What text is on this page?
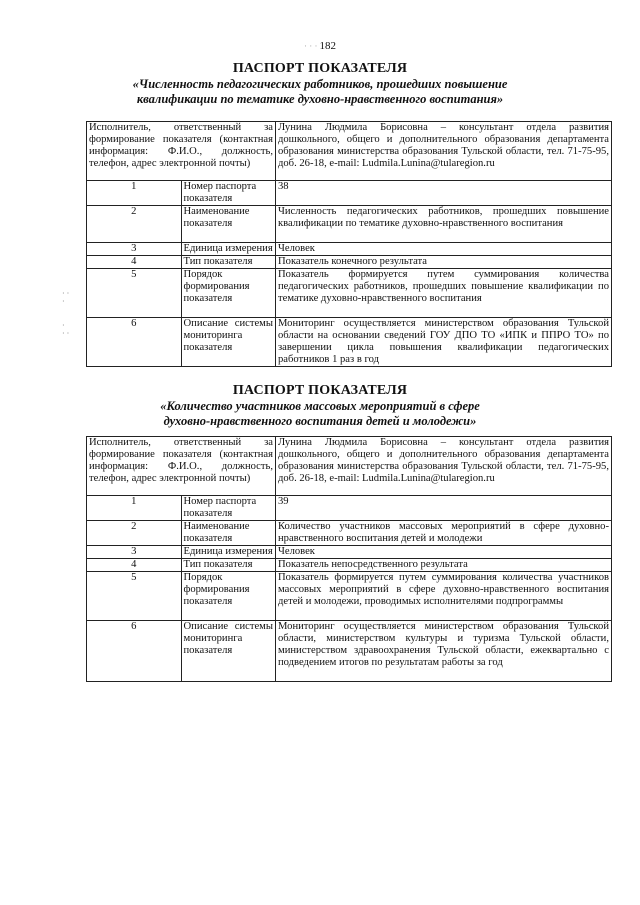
· · · 182
ПАСПОРТ ПОКАЗАТЕЛЯ
«Численность педагогических работников, прошедших повышение
квалификации по тематике духовно-нравственного воспитания»
Исполнитель, ответственный за формирование показателя (контактная информация: Ф.И.О., должность, телефон, адрес электронной почты)		Лунина Людмила Борисовна – консультант отдела развития дошкольного, общего и дополнительного образования департамента образования министерства образования Тульской области, тел. 71-75-95, доб. 26-18, e-mail: Ludmila.Lunina@tularegion.ru
1	Номер паспорта показателя	38
2	Наименование показателя	Численность педагогических работников, прошедших повышение квалификации по тематике духовно-нравственного воспитания
3	Единица измерения	Человек
4	Тип показателя	Показатель конечного результата
5	Порядок формирования показателя	Показатель формируется путем суммирования количества педагогических работников, прошедших повышение квалификации по тематике духовно-нравственного воспитания
6	Описание системы мониторинга показателя	Мониторинг осуществляется министерством образования Тульской области на основании сведений ГОУ ДПО ТО «ИПК и ППРО ТО» по завершении цикла повышения квалификации педагогических работников 1 раз в год
· ·
·
·
· ·
ПАСПОРТ ПОКАЗАТЕЛЯ
«Количество участников массовых мероприятий в сфере
духовно-нравственного воспитания детей и молодежи»
Исполнитель, ответственный за формирование показателя (контактная информация: Ф.И.О., должность, телефон, адрес электронной почты)		Лунина Людмила Борисовна – консультант отдела развития дошкольного, общего и дополнительного образования департамента образования министерства образования Тульской области, тел. 71-75-95, доб. 26-18, e-mail: Ludmila.Lunina@tularegion.ru
1	Номер паспорта показателя	39
2	Наименование показателя	Количество участников массовых мероприятий в сфере духовно-нравственного воспитания детей и молодежи
3	Единица измерения	Человек
4	Тип показателя	Показатель непосредственного результата
5	Порядок формирования показателя	Показатель формируется путем суммирования количества участников массовых мероприятий в сфере духовно-нравственного воспитания детей и молодежи, проводимых исполнителями подпрограммы
6	Описание системы мониторинга показателя	Мониторинг осуществляется министерством образования Тульской области, министерством культуры и туризма Тульской области, министерством здравоохранения Тульской области, ежеквартально с подведением итогов по результатам работы за год
